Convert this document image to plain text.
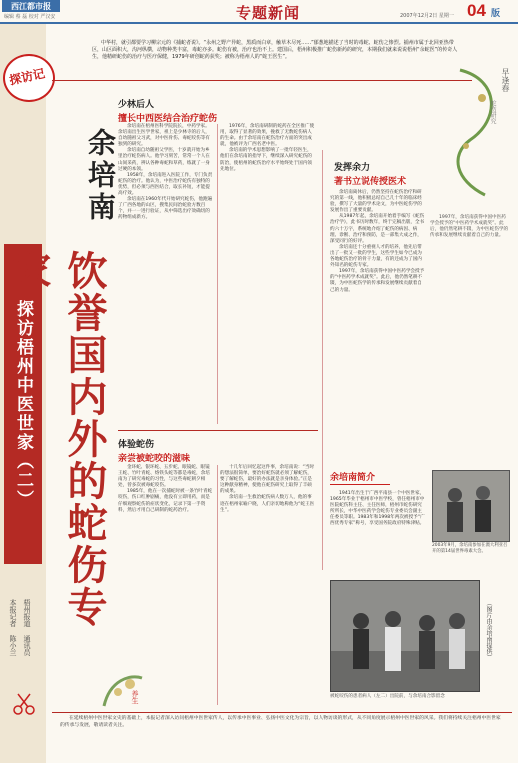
西江都市报
编辑 蔡 磊 校对 严汉安	专题新闻	2007年12月2日 星期一 04 版
探访记
探访梧州中医世家（二）
本报记者 陈小兰 梧州报道 通讯员

中华村，就引都要学习柳宗元的《捕蛇者说》。“永州之野产异蛇，黑质而白章，触草木尽死……”郁葱地描述了当时的毒蛇、蛇伤之惨烈。捕州市属于北回亚热带区，山区面积大，沟河纵横，动物种类丰富，毒蛇亦多。蛇伤有被，治疗也治不上。建国后，梧州积极推广蛇伤新药的研究，本期我们就来说说梧州“余蛇医”的传奇人生，他精研蛇伤的治疗与医疗保健，1979年研创蛇药获奖；被称为梧州人的“蛇王医生”。

余培南
饮誉国内外的蛇伤专家
少林后人
擅长中西医结合治疗蛇伤

余培南在梧州医科学院院长，中药学家。余培南出生医学世家，祖上是少林寺的后人，自幼随祖父习武，对中医骨伤、毒蛇咬伤等有独到的研究。

余培南自幼随祖父学医，十岁就开始为乡里治疗蛇伤病人。他学习刻苦，常常一个人在山间采药，辨认各种毒蛇和草药，练就了一身过硬的本领。

1958年，余培南进入医院工作，专门负责蛇伤的治疗。他认为，中医治疗蛇伤有独特的优势，但必须与西医结合，取长补短，才能提高疗效。

余培南在1960年代开始研究蛇伤，他跑遍了广西各地的山区，搜集民间治蛇验方数百个，并一一进行验证，从中筛选出疗效确切的药物组成新方。

1976年，余培南研制的蛇药在全区推广使用，取得了显著的效果，挽救了无数蛇伤病人的生命。由于余培南在蛇伤治疗方面的突出成就，他被评为广西名老中医。

余培南的学术思想影响了一批年轻医生，他们在余培南的指导下，继续深入研究蛇伤的防治，使梧州的蛇伤治疗水平始终处于国内领先地位。

体验蛇伤
亲尝被蛇咬的滋味

金环蛇、银环蛇、五步蛇、眼镜蛇、眼镜王蛇、竹叶青蛇、烙铁头蛇等都是毒蛇，余培南为了研究毒蛇的习性，与这些毒蛇朝夕相处，曾多次被毒蛇咬伤。

1985年，他在一次捕蛇时被一条竹叶青蛇咬伤，伤口红肿剧痛，他没有立即用药，而是仔细观察蛇伤的症状变化，记录下第一手资料，然后才用自己研制的蛇药治疗。

十几年后回忆起这件事，余培南说：“当时的想法很简单，要治好蛇伤就必须了解蛇伤，要了解蛇伤，最好的办法就是亲身体验。”正是这种献身精神，使他在蛇伤研究上取得了丰硕的成果。

余培南一生救治蛇伤病人数万人，他的事迹在梧州家喻户晓，人们亲切地称他为“蛇王医生”。

养生
发挥余力
著书立说传授医术

余培南离休后，仍然坚持在蛇伤治疗和研究的第一线，他积极总结自己几十年的临床经验，撰写了大量的学术论文，为中医蛇伤学的发展作出了重要贡献。

从1987年起，余培南开始着手编写《蛇伤治疗学》，此书历时数年，终于完稿出版，全书约六十万字，系统地介绍了蛇伤的病因、病理、诊断、治疗和预防，是一部集大成之作，深受同行的好评。

余培南还十分重视人才的培养，他先后带出了一批又一批的学生，这些学生如今已成为各地蛇伤治疗的骨干力量，有的还成为了国内外知名的蛇伤专家。

1997年，余培南获得中国中医药学会授予的“中医药学术成就奖”。此后，他仍然笔耕不辍，为中医蛇伤学的传承和发展继续贡献着自己的力量。

早逢春
蛇伤研究

1997年，余培南获得中国中医药学会授予的“中医药学术成就奖”。此后，他仍然笔耕不辍，为中医蛇伤学的传承和发展继续贡献着自己的力量。

余培南简介

1941年出生于广西平南县一个中医世家，1965年毕业于梧州市中医学校，曾任梧州市中医院蛇伤科主任、主任医师，梧州市蛇伤研究所所长，中华中医药学会蛇伤专业委员会副主任委员等职。1983年和1998年两次被授予“广西优秀专家”称号，享受国务院政府特殊津贴。

2003年9月，余培南参加在澳大利亚召开的第14届世界毒素大会。
（图片由余培南提供）
被蛇咬伤的患者病人（左二）出院前，与余培南合影留念

在延续梧州中医世家文史的基础上，本报记者深入访问梧州中医世家传人，以传承中医事业、弘扬中医文化为宗旨，以人物访谈的形式，从不同角度展示梧州中医世家的风采。我们将持续关注梧州中医世家的传承与发展，敬请读者关注。
